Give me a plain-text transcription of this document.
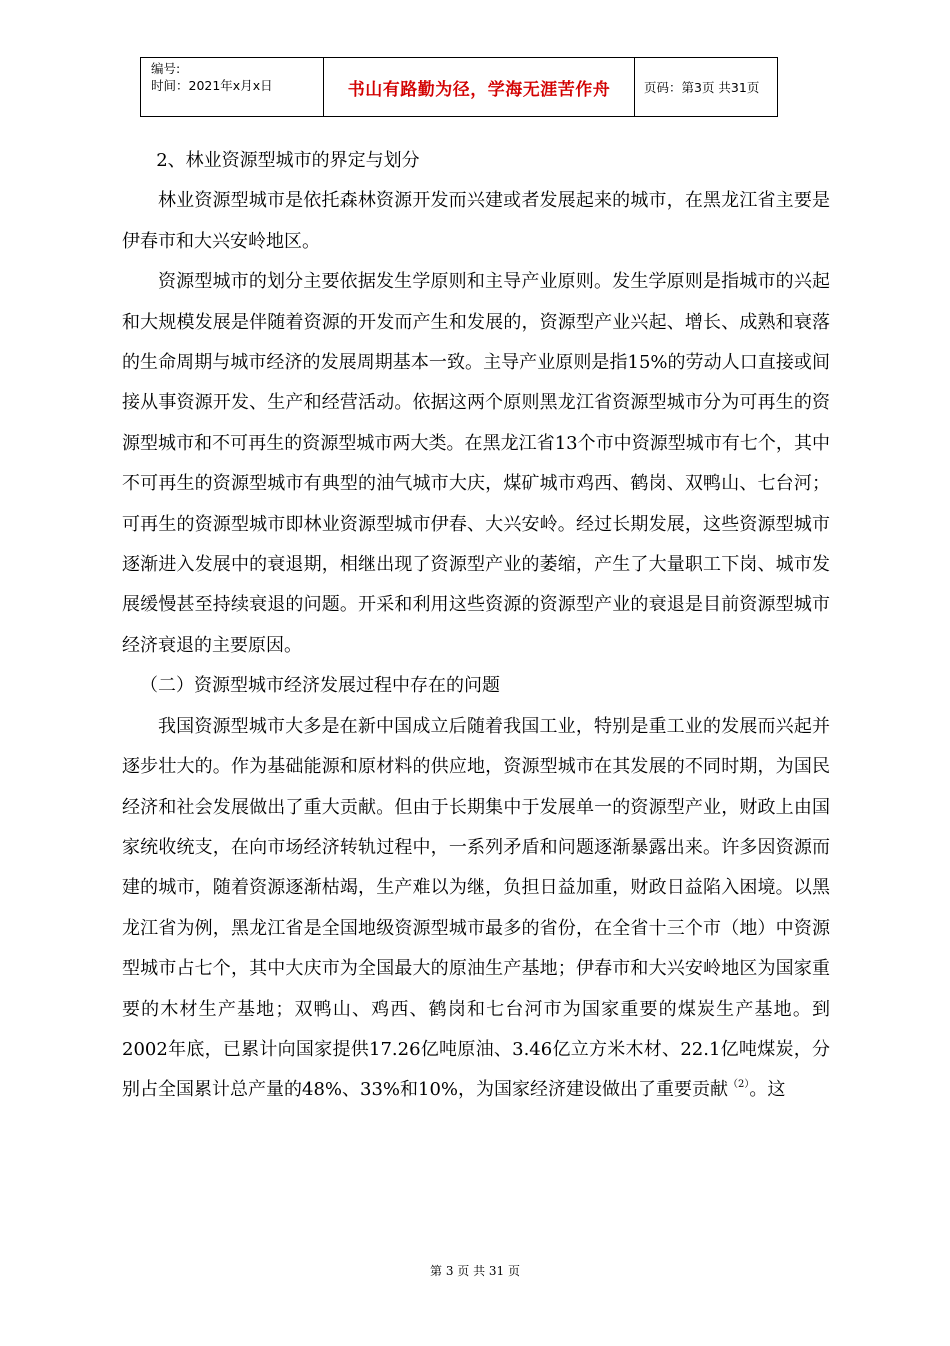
编号:
时间：2021年x月x日	书山有路勤为径，学海无涯苦作舟	页码：第3页 共31页

2、林业资源型城市的界定与划分

林业资源型城市是依托森林资源开发而兴建或者发展起来的城市，在黑龙江省主要是伊春市和大兴安岭地区。

资源型城市的划分主要依据发生学原则和主导产业原则。发生学原则是指城市的兴起和大规模发展是伴随着资源的开发而产生和发展的，资源型产业兴起、增长、成熟和衰落的生命周期与城市经济的发展周期基本一致。主导产业原则是指15%的劳动人口直接或间接从事资源开发、生产和经营活动。依据这两个原则黑龙江省资源型城市分为可再生的资源型城市和不可再生的资源型城市两大类。在黑龙江省13个市中资源型城市有七个，其中不可再生的资源型城市有典型的油气城市大庆，煤矿城市鸡西、鹤岗、双鸭山、七台河；可再生的资源型城市即林业资源型城市伊春、大兴安岭。经过长期发展，这些资源型城市逐渐进入发展中的衰退期，相继出现了资源型产业的萎缩，产生了大量职工下岗、城市发展缓慢甚至持续衰退的问题。开采和利用这些资源的资源型产业的衰退是目前资源型城市经济衰退的主要原因。

（二）资源型城市经济发展过程中存在的问题

我国资源型城市大多是在新中国成立后随着我国工业，特别是重工业的发展而兴起并逐步壮大的。作为基础能源和原材料的供应地，资源型城市在其发展的不同时期，为国民经济和社会发展做出了重大贡献。但由于长期集中于发展单一的资源型产业，财政上由国家统收统支，在向市场经济转轨过程中，一系列矛盾和问题逐渐暴露出来。许多因资源而建的城市，随着资源逐渐枯竭，生产难以为继，负担日益加重，财政日益陷入困境。以黑龙江省为例，黑龙江省是全国地级资源型城市最多的省份，在全省十三个市（地）中资源型城市占七个，其中大庆市为全国最大的原油生产基地；伊春市和大兴安岭地区为国家重要的木材生产基地；双鸭山、鸡西、鹤岗和七台河市为国家重要的煤炭生产基地。到2002年底，已累计向国家提供17.26亿吨原油、3.46亿立方米木材、22.1亿吨煤炭，分别占全国累计总产量的48%、33%和10%，为国家经济建设做出了重要贡献$^{(2)}$。这

第 3 页 共 31 页
